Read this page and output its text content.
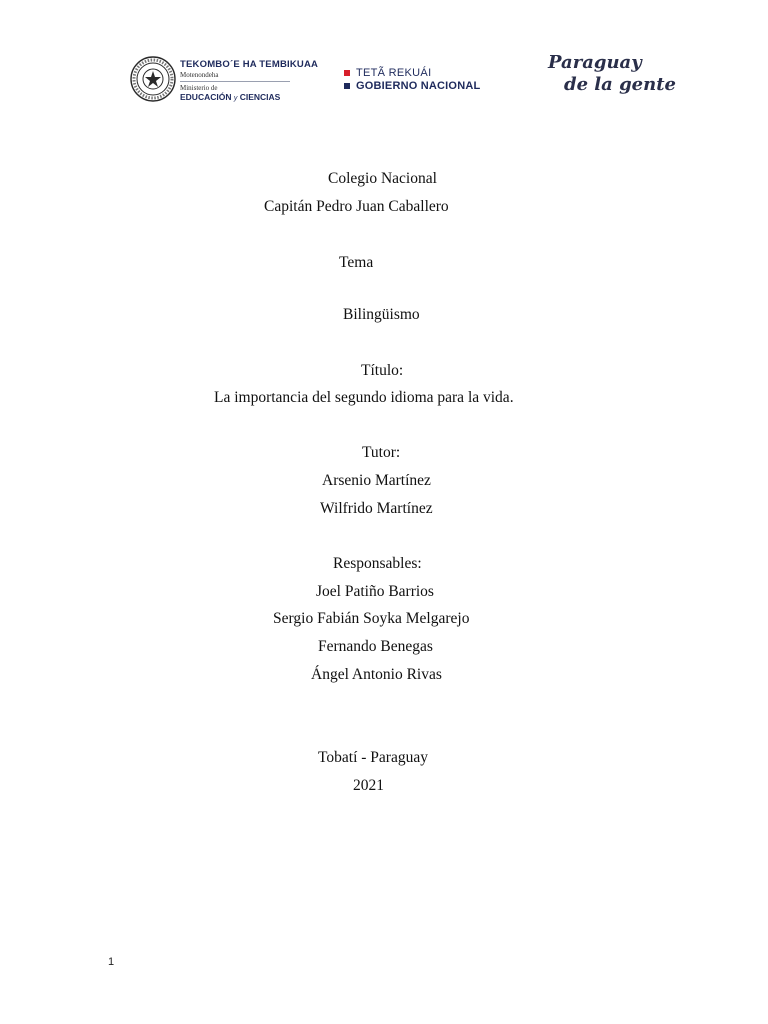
TEKOMBO´E HA TEMBIKUAA
Motenondeha
Ministerio de
EDUCACIÓN y CIENCIAS
TETÃ REKUÁI
GOBIERNO NACIONAL
Paraguay
de la gente
Colegio Nacional
Capitán Pedro Juan Caballero
Tema
Bilingüismo
Título:
La importancia del segundo idioma para la vida.
Tutor:
Arsenio Martínez
Wilfrido Martínez
Responsables:
Joel Patiño Barrios
Sergio Fabián Soyka Melgarejo
Fernando Benegas
Ángel Antonio Rivas
Tobatí - Paraguay
2021
1
